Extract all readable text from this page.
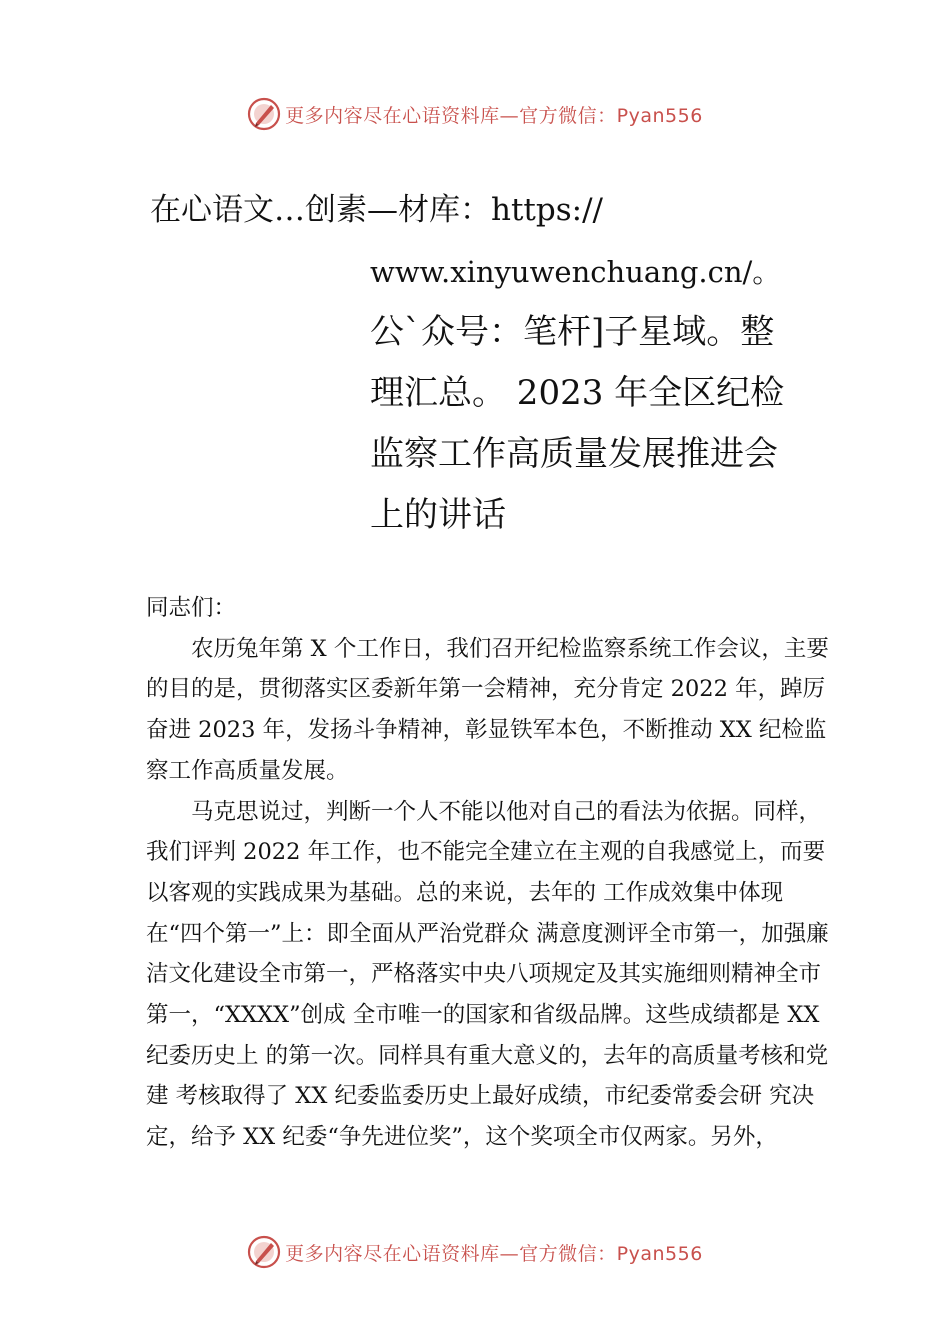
更多内容尽在心语资料库—官方微信：Pyan556
在心语文…创素—材库：https://
www.xinyuwenchuang.cn/。
公`众号：笔杆]子星域。整理汇总。 2023 年全区纪检监察工作高质量发展推进会上的讲话

同志们：

农历兔年第 X 个工作日，我们召开纪检监察系统工作会议，主要的目的是，贯彻落实区委新年第一会精神，充分肯定 2022 年，踔厉奋进 2023 年，发扬斗争精神，彰显铁军本色，不断推动 XX 纪检监察工作高质量发展。

马克思说过，判断一个人不能以他对自己的看法为依据。同样，我们评判 2022 年工作，也不能完全建立在主观的自我感觉上，而要以客观的实践成果为基础。总的来说，去年的 工作成效集中体现在“四个第一”上：即全面从严治党群众 满意度测评全市第一，加强廉洁文化建设全市第一，严格落实中央八项规定及其实施细则精神全市第一，“XXXX”创成 全市唯一的国家和省级品牌。这些成绩都是 XX 纪委历史上 的第一次。同样具有重大意义的，去年的高质量考核和党建 考核取得了 XX 纪委监委历史上最好成绩，市纪委常委会研 究决定，给予 XX 纪委“争先进位奖”，这个奖项全市仅两家。另外，

更多内容尽在心语资料库—官方微信：Pyan556
